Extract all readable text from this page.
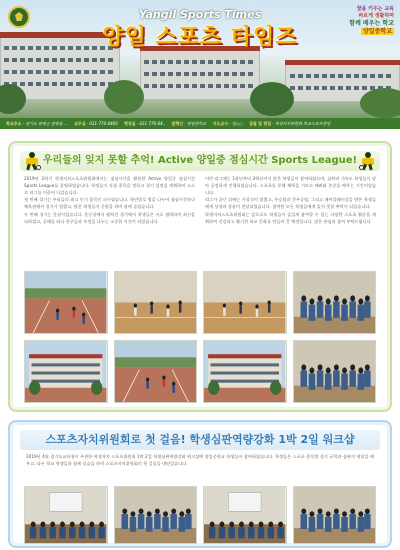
Yangil Sports Times
양일 스포츠 타임즈
꿈을 키우는 교육
바르게 생활하며
함께 배우는 학교
양일중학교
학교주소 · 경기도 양평군 양평읍 ... 교무실 · 031-770-0400 행정실 · 031-770-04.. 발행인 · 양일중학교 지도교사 · 임○○ 집필 및 편집 · 학생자치위원회·학교스포츠클럽
우리들의 잊지 못할 추억! Active 양일중 점심시간 Sports League!

2019년 2학기 학생자치스포츠위원회에서는 점심시간을 활용한 Active 양일중 점심시간 Sports League를 운영하였습니다. 학생들이 직접 종목을 정하고 경기 일정을 계획하며 스스로 리그를 이끌어 나갔습니다.

첫 번째 경기는 우리들의 최고 인기 종목인 피구였습니다. 학년별로 팀을 나누어 점심시간마다 체육관에서 경기가 열렸고, 많은 학생들이 응원을 하며 함께 즐겼습니다.

두 번째 경기는 풋살이었습니다. 운동장에서 펼쳐진 경기에서 학생들은 서로 협력하며 최선을 다하였고, 승패를 떠나 친구들과 우정을 나누는 소중한 시간이 되었습니다.

이번 리그에는 1학년부터 3학년까지 많은 학생들이 참여하였으며, 심판과 기록도 학생들이 맡아 공정하게 진행하였습니다. 스포츠를 통해 체력을 기르고 배려와 존중을 배우는 시간이었습니다.

리그가 끝난 뒤에는 시상식이 열렸고, 우승팀과 준우승팀, 그리고 페어플레이상을 받은 학생들에게 상장과 상품이 전달되었습니다. 참여한 모든 학생들에게 잊지 못할 추억이 되었습니다.

학생자치스포츠위원회는 앞으로도 학생들이 즐겁게 참여할 수 있는 다양한 스포츠 활동을 계획하여 건강하고 활기찬 학교 문화를 만들어 갈 예정입니다. 많은 관심과 참여 부탁드립니다.

스포츠자치위원회로 첫 걸음! 학생심판역량강화 1박 2일 워크샵
2019년 4월 경기도교육청이 주관한 학생자치 스포츠위원회 1박 2일 학생심판역량강화 워크샵에 양일중학교 학생들이 참여하였습니다. 학생들은 스포츠 종목별 경기 규칙과 심판의 역할을 배우고, 다른 학교 학생들과 함께 실습을 하며 스포츠자치위원회의 첫 걸음을 내딛었습니다.
